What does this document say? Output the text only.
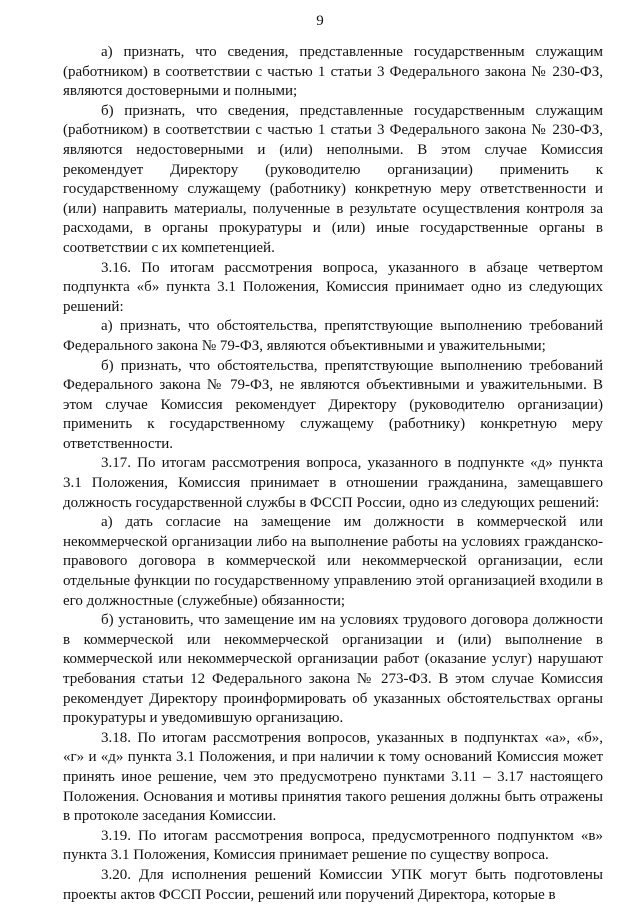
9

а) признать, что сведения, представленные государственным служащим (работником) в соответствии с частью 1 статьи 3 Федерального закона № 230-ФЗ, являются достоверными и полными;

б) признать, что сведения, представленные государственным служащим (работником) в соответствии с частью 1 статьи 3 Федерального закона № 230-ФЗ, являются недостоверными и (или) неполными. В этом случае Комиссия рекомендует Директору (руководителю организации) применить к государственному служащему (работнику) конкретную меру ответственности и (или) направить материалы, полученные в результате осуществления контроля за расходами, в органы прокуратуры и (или) иные государственные органы в соответствии с их компетенцией.

3.16. По итогам рассмотрения вопроса, указанного в абзаце четвертом подпункта «б» пункта 3.1 Положения, Комиссия принимает одно из следующих решений:

а) признать, что обстоятельства, препятствующие выполнению требований Федерального закона № 79-ФЗ, являются объективными и уважительными;

б) признать, что обстоятельства, препятствующие выполнению требований Федерального закона № 79-ФЗ, не являются объективными и уважительными. В этом случае Комиссия рекомендует Директору (руководителю организации) применить к государственному служащему (работнику) конкретную меру ответственности.

3.17. По итогам рассмотрения вопроса, указанного в подпункте «д» пункта 3.1 Положения, Комиссия принимает в отношении гражданина, замещавшего должность государственной службы в ФССП России, одно из следующих решений:

а) дать согласие на замещение им должности в коммерческой или некоммерческой организации либо на выполнение работы на условиях гражданско-правового договора в коммерческой или некоммерческой организации, если отдельные функции по государственному управлению этой организацией входили в его должностные (служебные) обязанности;

б) установить, что замещение им на условиях трудового договора должности в коммерческой или некоммерческой организации и (или) выполнение в коммерческой или некоммерческой организации работ (оказание услуг) нарушают требования статьи 12 Федерального закона № 273-ФЗ. В этом случае Комиссия рекомендует Директору проинформировать об указанных обстоятельствах органы прокуратуры и уведомившую организацию.

3.18. По итогам рассмотрения вопросов, указанных в подпунктах «а», «б», «г» и «д» пункта 3.1 Положения, и при наличии к тому оснований Комиссия может принять иное решение, чем это предусмотрено пунктами 3.11 – 3.17 настоящего Положения. Основания и мотивы принятия такого решения должны быть отражены в протоколе заседания Комиссии.

3.19. По итогам рассмотрения вопроса, предусмотренного подпунктом «в» пункта 3.1 Положения, Комиссия принимает решение по существу вопроса.

3.20. Для исполнения решений Комиссии УПК могут быть подготовлены проекты актов ФССП России, решений или поручений Директора, которые в
